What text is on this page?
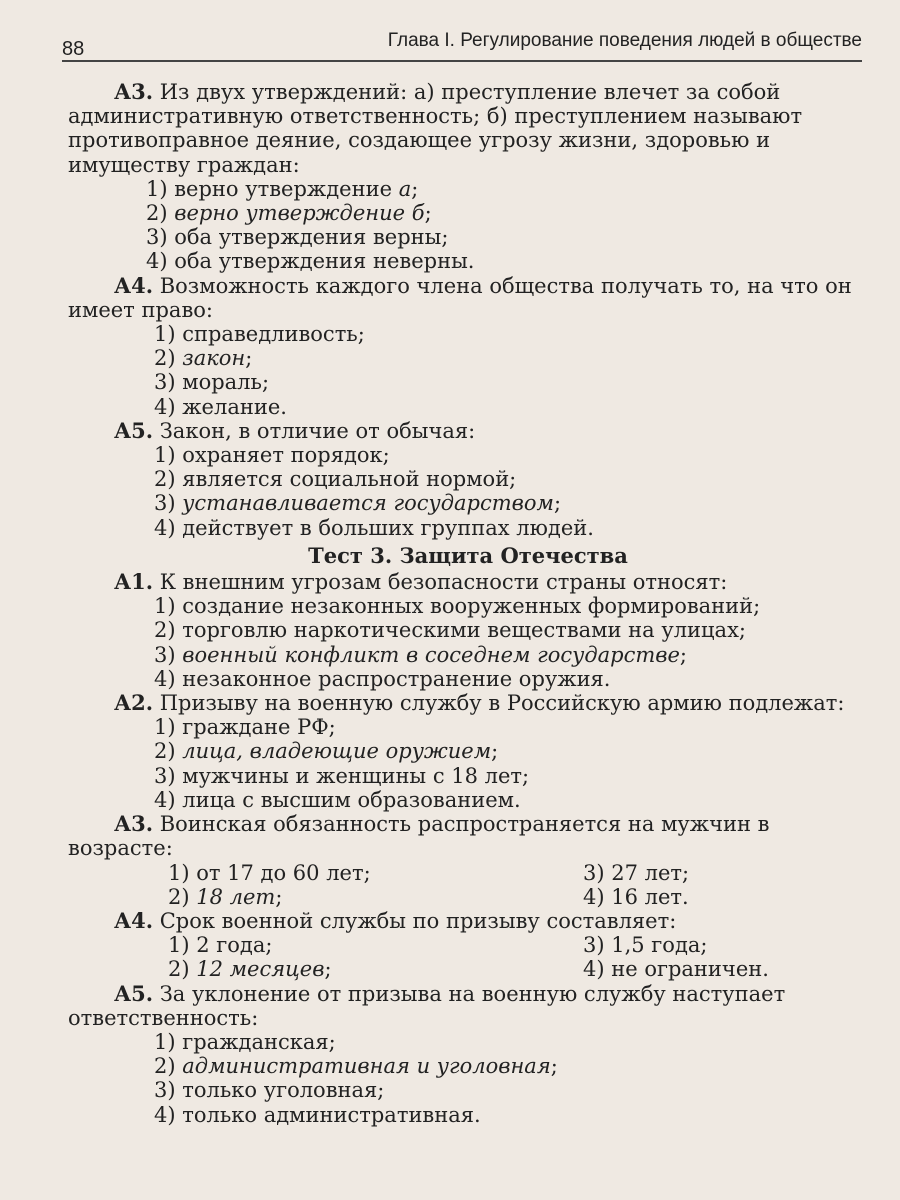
88	Глава I. Регулирование поведения людей в обществе

А3. Из двух утверждений: а) преступление влечет за собой административную ответственность; б) преступлением называют противоправное деяние, создающее угрозу жизни, здоровью и имуществу граждан:

1) верно утверждение а;
2) верно утверждение б;
3) оба утверждения верны;
4) оба утверждения неверны.

А4. Возможность каждого члена общества получать то, на что он имеет право:

1) справедливость;
2) закон;
3) мораль;
4) желание.

А5. Закон, в отличие от обычая:

1) охраняет порядок;
2) является социальной нормой;
3) устанавливается государством;
4) действует в больших группах людей.
Тест 3. Защита Отечества

А1. К внешним угрозам безопасности страны относят:

1) создание незаконных вооруженных формирований;
2) торговлю наркотическими веществами на улицах;
3) военный конфликт в соседнем государстве;
4) незаконное распространение оружия.

А2. Призыву на военную службу в Российскую армию подлежат:

1) граждане РФ;
2) лица, владеющие оружием;
3) мужчины и женщины с 18 лет;
4) лица с высшим образованием.

А3. Воинская обязанность распространяется на мужчин в возрасте:

1) от 17 до 60 лет;	3) 27 лет;
2) 18 лет;	4) 16 лет.

А4. Срок военной службы по призыву составляет:

1) 2 года;	3) 1,5 года;
2) 12 месяцев;	4) не ограничен.

А5. За уклонение от призыва на военную службу наступает ответственность:

1) гражданская;
2) административная и уголовная;
3) только уголовная;
4) только административная.
